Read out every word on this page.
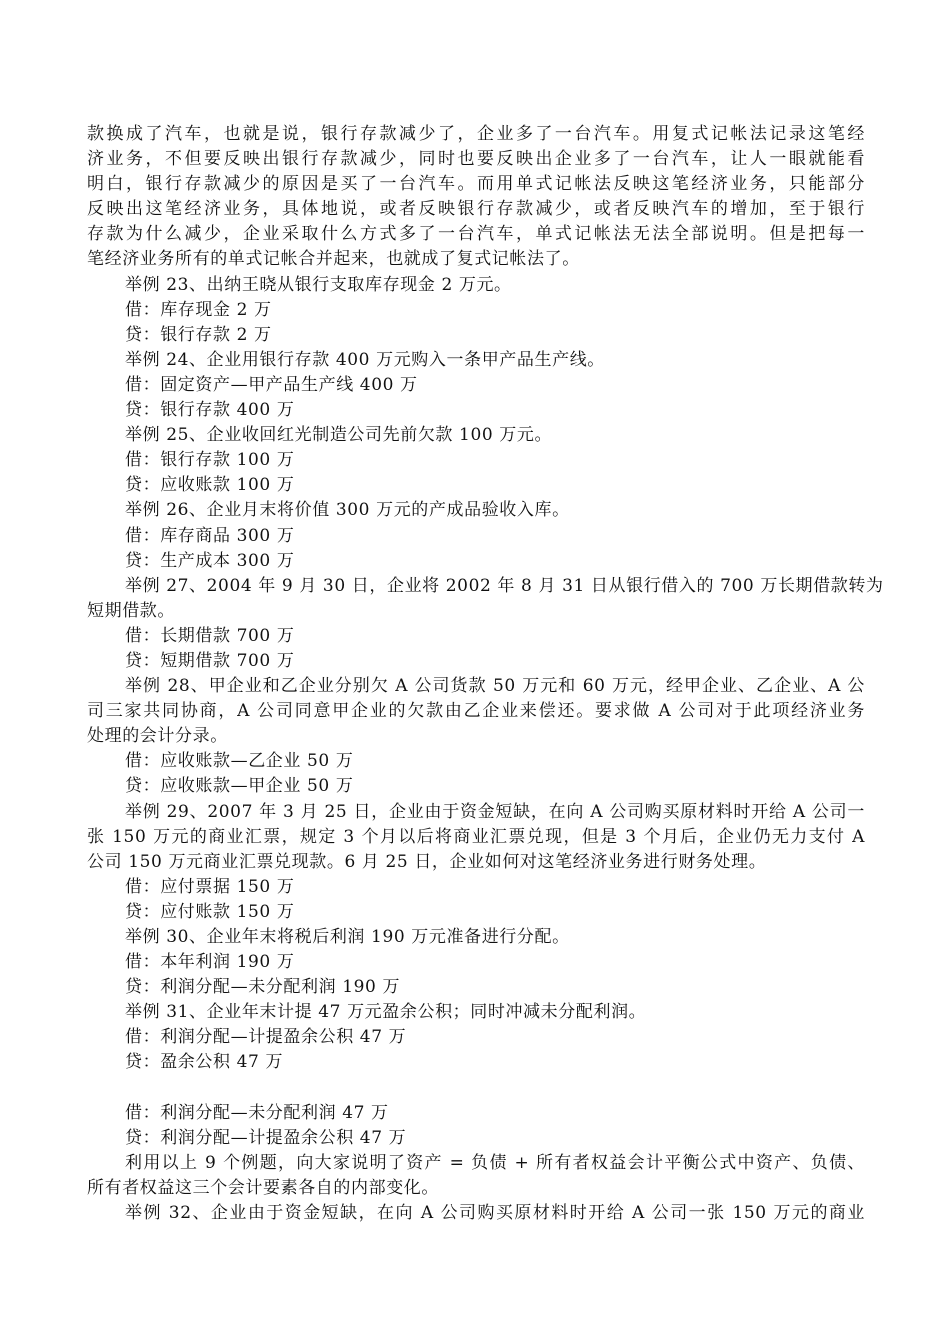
款换成了汽车，也就是说，银行存款减少了，企业多了一台汽车。用复式记帐法记录这笔经
济业务，不但要反映出银行存款减少，同时也要反映出企业多了一台汽车，让人一眼就能看
明白，银行存款减少的原因是买了一台汽车。而用单式记帐法反映这笔经济业务，只能部分
反映出这笔经济业务，具体地说，或者反映银行存款减少，或者反映汽车的增加，至于银行
存款为什么减少，企业采取什么方式多了一台汽车，单式记帐法无法全部说明。但是把每一
笔经济业务所有的单式记帐合并起来，也就成了复式记帐法了。
举例 23、出纳王晓从银行支取库存现金 2 万元。
借：库存现金 2 万
贷：银行存款 2 万
举例 24、企业用银行存款 400 万元购入一条甲产品生产线。
借：固定资产—甲产品生产线 400 万
贷：银行存款 400 万
举例 25、企业收回红光制造公司先前欠款 100 万元。
借：银行存款 100 万
贷：应收账款 100 万
举例 26、企业月末将价值 300 万元的产成品验收入库。
借：库存商品 300 万
贷：生产成本 300 万
举例 27、2004 年 9 月 30 日，企业将 2002 年 8 月 31 日从银行借入的 700 万长期借款转为
短期借款。
借：长期借款 700 万
贷：短期借款 700 万
举例 28、甲企业和乙企业分别欠 A 公司货款 50 万元和 60 万元，经甲企业、乙企业、A 公
司三家共同协商，A 公司同意甲企业的欠款由乙企业来偿还。要求做 A 公司对于此项经济业务
处理的会计分录。
借：应收账款—乙企业 50 万
贷：应收账款—甲企业 50 万
举例 29、2007 年 3 月 25 日，企业由于资金短缺，在向 A 公司购买原材料时开给 A 公司一
张 150 万元的商业汇票，规定 3 个月以后将商业汇票兑现，但是 3 个月后，企业仍无力支付 A
公司 150 万元商业汇票兑现款。6 月 25 日，企业如何对这笔经济业务进行财务处理。
借：应付票据 150 万
贷：应付账款 150 万
举例 30、企业年末将税后利润 190 万元准备进行分配。
借：本年利润 190 万
贷：利润分配—未分配利润 190 万
举例 31、企业年末计提 47 万元盈余公积；同时冲减未分配利润。
借：利润分配—计提盈余公积 47 万
贷：盈余公积 47 万
借：利润分配—未分配利润 47 万
贷：利润分配—计提盈余公积 47 万
利用以上 9 个例题，向大家说明了资产 = 负债 + 所有者权益会计平衡公式中资产、负债、
所有者权益这三个会计要素各自的内部变化。
举例 32、企业由于资金短缺，在向 A 公司购买原材料时开给 A 公司一张 150 万元的商业
